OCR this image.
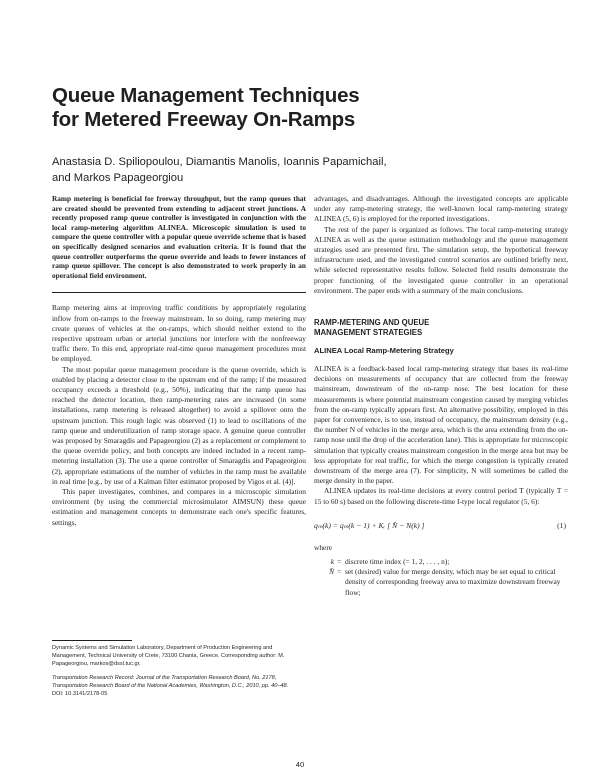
Queue Management Techniques
for Metered Freeway On-Ramps
Anastasia D. Spiliopoulou, Diamantis Manolis, Ioannis Papamichail,
and Markos Papageorgiou

Ramp metering is beneficial for freeway throughput, but the ramp queues that are created should be prevented from extending to adjacent street junctions. A recently proposed ramp queue controller is investigated in conjunction with the local ramp-metering algorithm ALINEA. Microscopic simulation is used to compare the queue controller with a popular queue override scheme that is based on specifically designed scenarios and evaluation criteria. It is found that the queue controller outperforms the queue override and leads to fewer instances of ramp queue spillover. The concept is also demonstrated to work properly in an operational field environment.

Ramp metering aims at improving traffic conditions by appropriately regulating inflow from on-ramps to the freeway mainstream. In so doing, ramp metering may create queues of vehicles at the on-ramps, which should neither extend to the respective upstream urban or arterial junctions nor interfere with the nonfreeway traffic there. To this end, appropriate real-time queue management procedures must be employed.

The most popular queue management procedure is the queue override, which is enabled by placing a detector close to the upstream end of the ramp; if the measured occupancy exceeds a threshold (e.g., 50%), indicating that the ramp queue has reached the detector location, then ramp-metering rates are increased (in some installations, ramp metering is released altogether) to avoid a spillover onto the upstream junction. This rough logic was observed (1) to lead to oscillations of the ramp queue and underutilization of ramp storage space. A genuine queue controller was proposed by Smaragdis and Papageorgiou (2) as a replacement or complement to the queue override policy, and both concepts are indeed included in a recent ramp-metering installation (3). The use a queue controller of Smaragdis and Papageorgiou (2), appropriate estimations of the number of vehicles in the ramp must be available in real time [e.g., by use of a Kalman filter estimator proposed by Vigos et al. (4)].

This paper investigates, combines, and compares in a microscopic simulation environment (by using the commercial microsimulator AIMSUN) these queue estimation and management concepts to demonstrate each one's specific features, settings,

advantages, and disadvantages. Although the investigated concepts are applicable under any ramp-metering strategy, the well-known local ramp-metering strategy ALINEA (5, 6) is employed for the reported investigations.

The rest of the paper is organized as follows. The local ramp-metering strategy ALINEA as well as the queue estimation methodology and the queue management strategies used are presented first. The simulation setup, the hypothetical freeway infrastructure used, and the investigated control scenarios are outlined briefly next, while selected representative results follow. Selected field results demonstrate the proper functioning of the investigated queue controller in an operational environment. The paper ends with a summary of the main conclusions.

RAMP-METERING AND QUEUE
MANAGEMENT STRATEGIES
ALINEA Local Ramp-Metering Strategy

ALINEA is a feedback-based local ramp-metering strategy that bases its real-time decisions on measurements of occupancy that are collected from the freeway mainstream, downstream of the on-ramp nose. The best location for these measurements is where potential mainstream congestion caused by merging vehicles from the on-ramp typically appears first. An alternative possibility, employed in this paper for convenience, is to use, instead of occupancy, the mainstream density (e.g., the number N of vehicles in the merge area, which is the area extending from the on-ramp nose until the drop of the acceleration lane). This is appropriate for microscopic simulation that typically creates mainstream congestion in the merge area but may be less appropriate for real traffic, for which the merge congestion is typically created downstream of the merge area (7). For simplicity, N will sometimes be called the merge density in the paper.

ALINEA updates its real-time decisions at every control period T (typically T = 15 to 60 s) based on the following discrete-time I-type local regulator (5, 6):

qₘ(k) = qₘ(k − 1) + Kᵣ [ N̂ − N(k) ]	(1)
where
k = discrete time index (= 1, 2, . . . , n);
N̂ = set (desired) value for merge density, which may be set equal to critical density of corresponding freeway area to maximize downstream freeway flow;
Dynamic Systems and Simulation Laboratory, Department of Production Engineering and Management, Technical University of Crete, 73100 Chania, Greece. Corresponding author: M. Papageorgiou, markos@dssl.tuc.gr.
Transportation Research Record: Journal of the Transportation Research Board, No. 2178, Transportation Research Board of the National Academies, Washington, D.C., 2010, pp. 40–48.
DOI: 10.3141/2178-05
40
